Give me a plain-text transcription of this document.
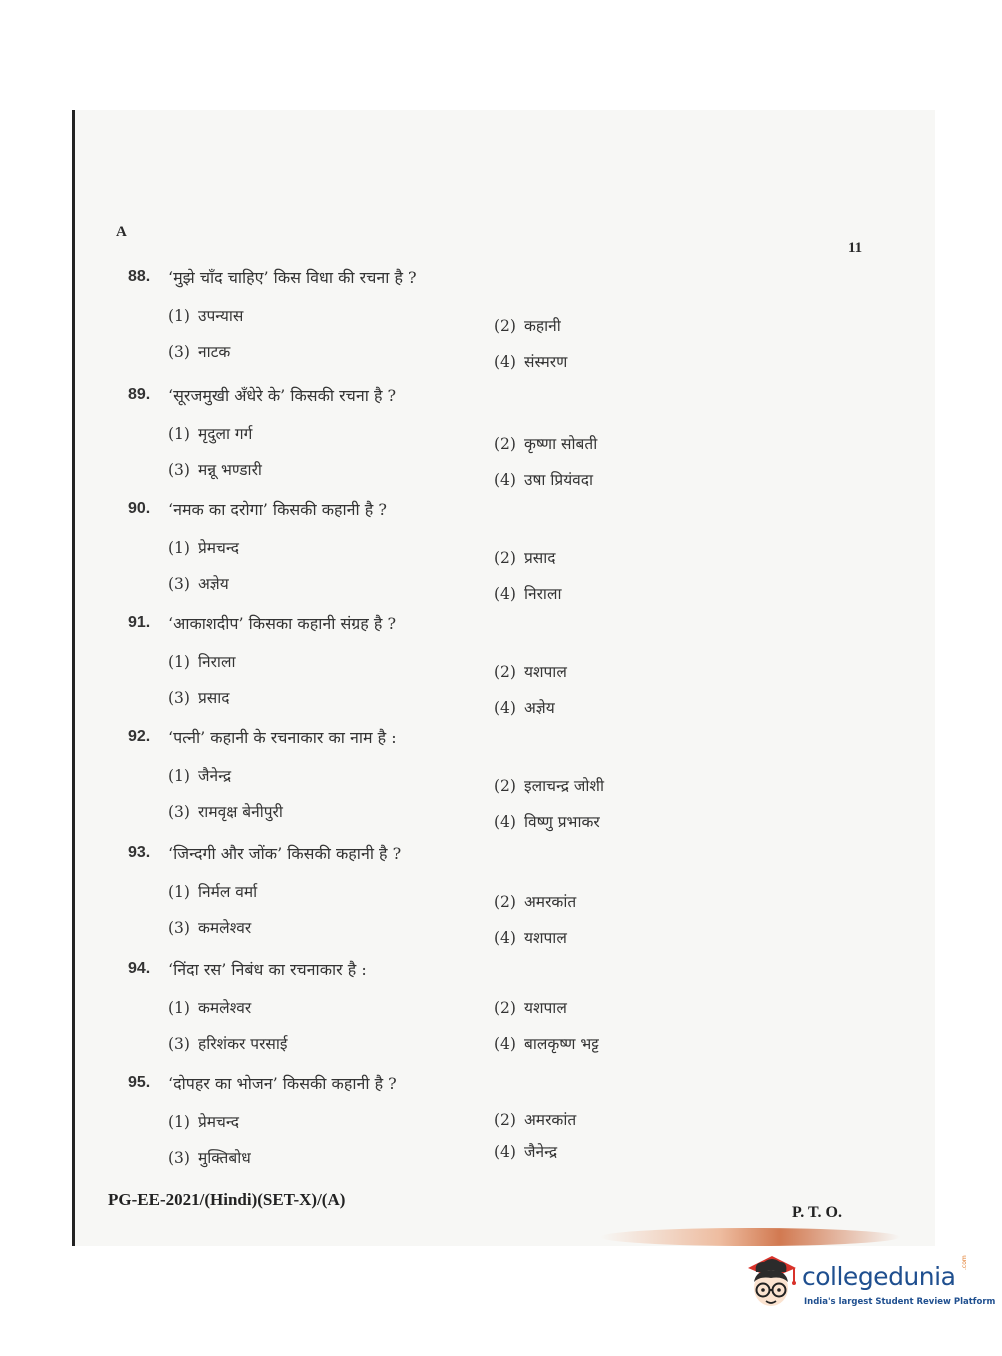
A
11
88. ‘मुझे चाँद चाहिए’ किस विधा की रचना है ?
(1) उपन्यास
(2) कहानी
(3) नाटक
(4) संस्मरण
89. ‘सूरजमुखी अँधेरे के’ किसकी रचना है ?
(1) मृदुला गर्ग
(2) कृष्णा सोबती
(3) मन्नू भण्डारी
(4) उषा प्रियंवदा
90. ‘नमक का दरोगा’ किसकी कहानी है ?
(1) प्रेमचन्द
(2) प्रसाद
(3) अज्ञेय
(4) निराला
91. ‘आकाशदीप’ किसका कहानी संग्रह है ?
(1) निराला
(2) यशपाल
(3) प्रसाद
(4) अज्ञेय
92. ‘पत्नी’ कहानी के रचनाकार का नाम है :
(1) जैनेन्द्र
(2) इलाचन्द्र जोशी
(3) रामवृक्ष बेनीपुरी
(4) विष्णु प्रभाकर
93. ‘जिन्दगी और जोंक’ किसकी कहानी है ?
(1) निर्मल वर्मा
(2) अमरकांत
(3) कमलेश्वर
(4) यशपाल
94. ‘निंदा रस’ निबंध का रचनाकार है :
(1) कमलेश्वर	(2) यशपाल
(3) हरिशंकर परसाई	(4) बालकृष्ण भट्ट
95. ‘दोपहर का भोजन’ किसकी कहानी है ?
(1) प्रेमचन्द	(2) अमरकांत
(3) मुक्तिबोध	(4) जैनेन्द्र
PG-EE-2021/(Hindi)(SET-X)/(A)
P. T. O.
collegedunia .com
India's largest Student Review Platform
